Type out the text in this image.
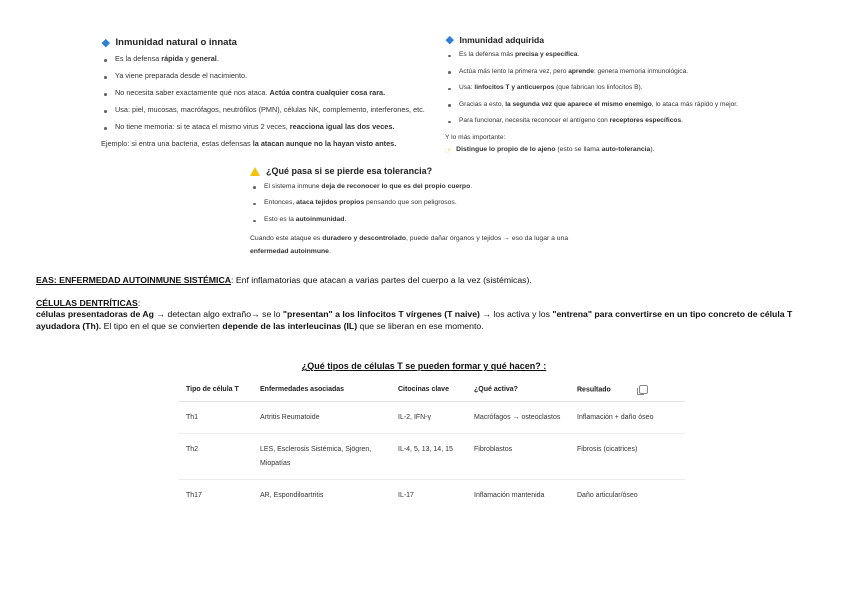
Inmunidad natural o innata
Es la defensa rápida y general.
Ya viene preparada desde el nacimiento.
No necesita saber exactamente qué nos ataca. Actúa contra cualquier cosa rara.
Usa: piel, mucosas, macrófagos, neutrófilos (PMN), células NK, complemento, interferones, etc.
No tiene memoria: si te ataca el mismo virus 2 veces, reacciona igual las dos veces.

Ejemplo: si entra una bacteria, estas defensas la atacan aunque no la hayan visto antes.

Inmunidad adquirida
Es la defensa más precisa y específica.
Actúa más lento la primera vez, pero aprende: genera memoria inmunológica.
Usa: linfocitos T y anticuerpos (que fabrican los linfocitos B).
Gracias a esto, la segunda vez que aparece el mismo enemigo, lo ataca más rápido y mejor.
Para funcionar, necesita reconocer el antígeno con receptores específicos.

Y lo más importante:

☞ Distingue lo propio de lo ajeno (esto se llama auto-tolerancia).
¿Qué pasa si se pierde esa tolerancia?
El sistema inmune deja de reconocer lo que es del propio cuerpo.
Entonces, ataca tejidos propios pensando que son peligrosos.
Esto es la autoinmunidad.

Cuando este ataque es duradero y descontrolado, puede dañar órganos y tejidos → eso da lugar a una
enfermedad autoinmune.

EAS: ENFERMEDAD AUTOINMUNE SISTÉMICA: Enf inflamatorias que atacan a varias partes del cuerpo a la vez (sistémicas).
CÉLULAS DENTRÍTICAS:
células presentadoras de Ag → detectan algo extraño→ se lo "presentan" a los linfocitos T vírgenes (T naive) → los activa y los "entrena" para convertirse en un tipo concreto de célula T ayudadora (Th). El tipo en el que se convierten depende de las interleucinas (IL) que se liberan en ese momento.
¿Qué tipos de células T se pueden formar y qué hacen? :
Tipo de célula T	Enfermedades asociadas	Citocinas clave	¿Qué activa?	Resultado
Th1	Artritis Reumatoide	IL-2, IFN-γ	Macrófagos → osteoclastos	Inflamación + daño óseo
Th2	LES, Esclerosis Sistémica, Sjögren, Miopatías	IL-4, 5, 13, 14, 15	Fibroblastos	Fibrosis (cicatrices)
Th17	AR, Espondiloartritis	IL-17	Inflamación mantenida	Daño articular/óseo
